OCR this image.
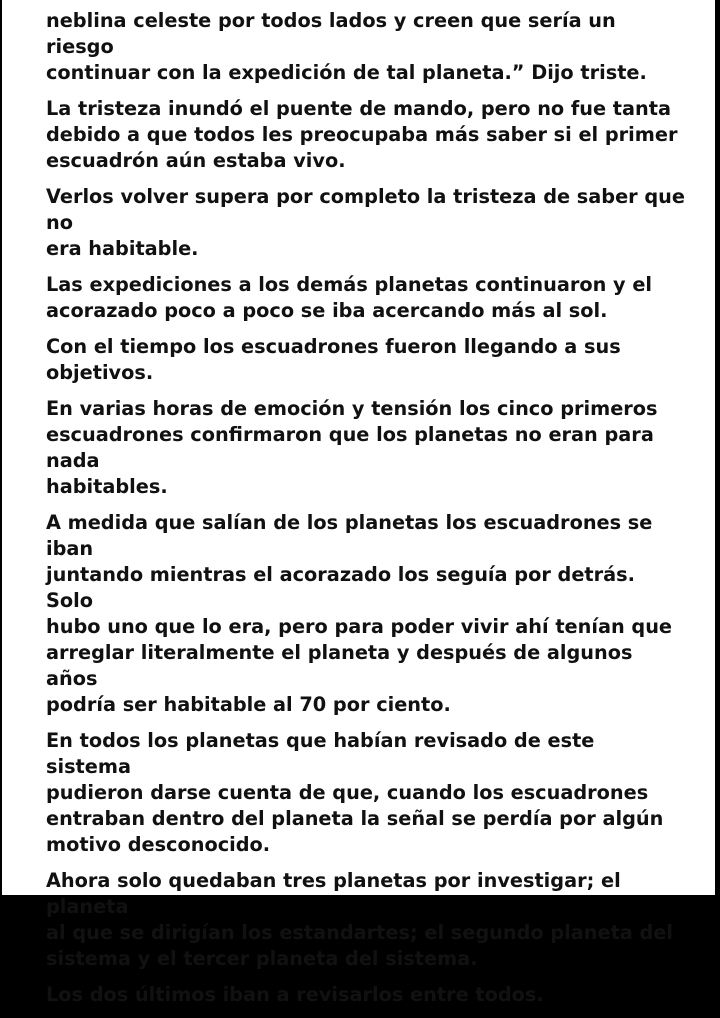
neblina celeste por todos lados y creen que sería un riesgo
continuar con la expedición de tal planeta.” Dijo triste.

La tristeza inundó el puente de mando, pero no fue tanta
debido a que todos les preocupaba más saber si el primer
escuadrón aún estaba vivo.

Verlos volver supera por completo la tristeza de saber que no
era habitable.

Las expediciones a los demás planetas continuaron y el
acorazado poco a poco se iba acercando más al sol.

Con el tiempo los escuadrones fueron llegando a sus
objetivos.

En varias horas de emoción y tensión los cinco primeros
escuadrones confirmaron que los planetas no eran para nada
habitables.

A medida que salían de los planetas los escuadrones se iban
juntando mientras el acorazado los seguía por detrás. Solo
hubo uno que lo era, pero para poder vivir ahí tenían que
arreglar literalmente el planeta y después de algunos años
podría ser habitable al 70 por ciento.

En todos los planetas que habían revisado de este sistema
pudieron darse cuenta de que, cuando los escuadrones
entraban dentro del planeta la señal se perdía por algún
motivo desconocido.

Ahora solo quedaban tres planetas por investigar; el planeta
al que se dirigían los estandartes; el segundo planeta del
sistema y el tercer planeta del sistema.

Los dos últimos iban a revisarlos entre todos.
